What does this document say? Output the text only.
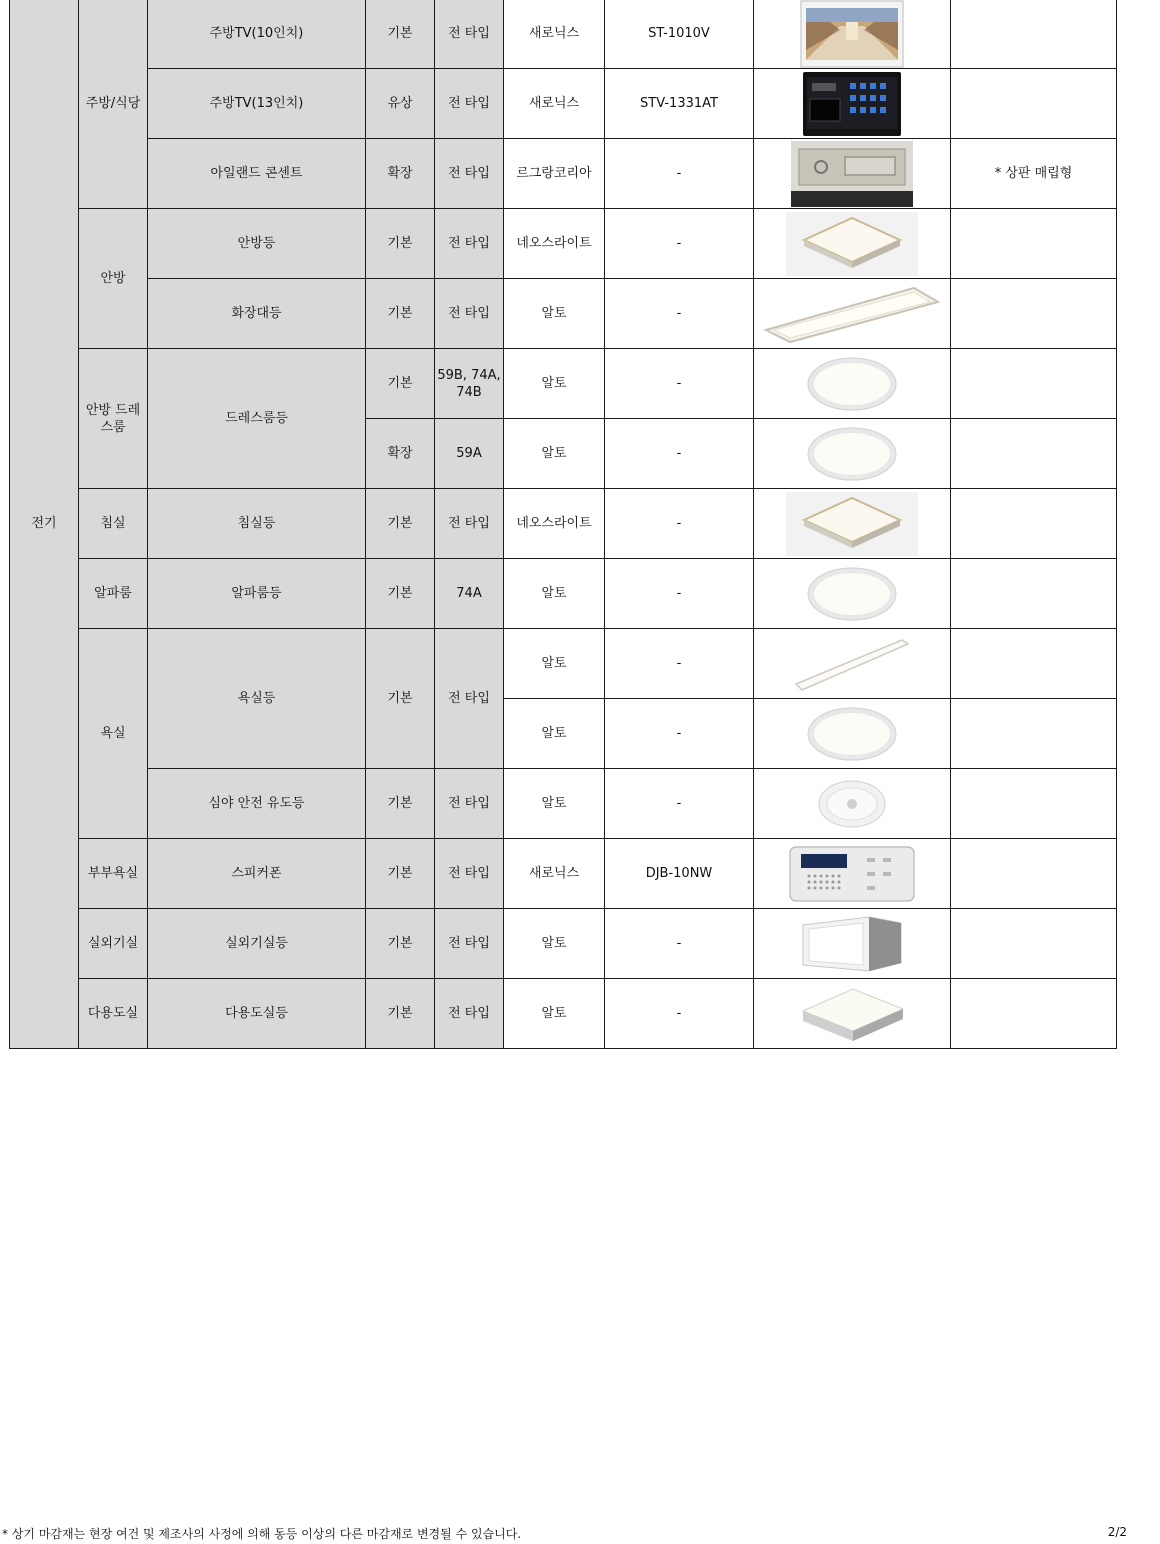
전기	주방/식당	주방TV(10인치)	기본	전 타입	새로닉스	ST-1010V	

		주방TV(13인치)	유상	전 타입	새로닉스	STV-1331AT	

		아일랜드 콘센트	확장	전 타입	르그랑코리아	-		* 상판 매립형
	안방	안방등	기본	전 타입	네오스라이트	-	

		화장대등	기본	전 타입	알토	-	

	안방 드레스룸	드레스룸등	기본	59B, 74A, 74B	알토	-	

			확장	59A	알토	-	

	침실	침실등	기본	전 타입	네오스라이트	-	

	알파룸	알파룸등	기본	74A	알토	-	

	욕실	욕실등	기본	전 타입	알토	-	

					알토	-	

		심야 안전 유도등	기본	전 타입	알토	-	

	부부욕실	스피커폰	기본	전 타입	새로닉스	DJB-10NW	

	실외기실	실외기실등	기본	전 타입	알토	-	

	다용도실	다용도실등	기본	전 타입	알토	-	

* 상기 마감재는 현장 여건 및 제조사의 사정에 의해 동등 이상의 다른 마감재로 변경될 수 있습니다.	2/2
